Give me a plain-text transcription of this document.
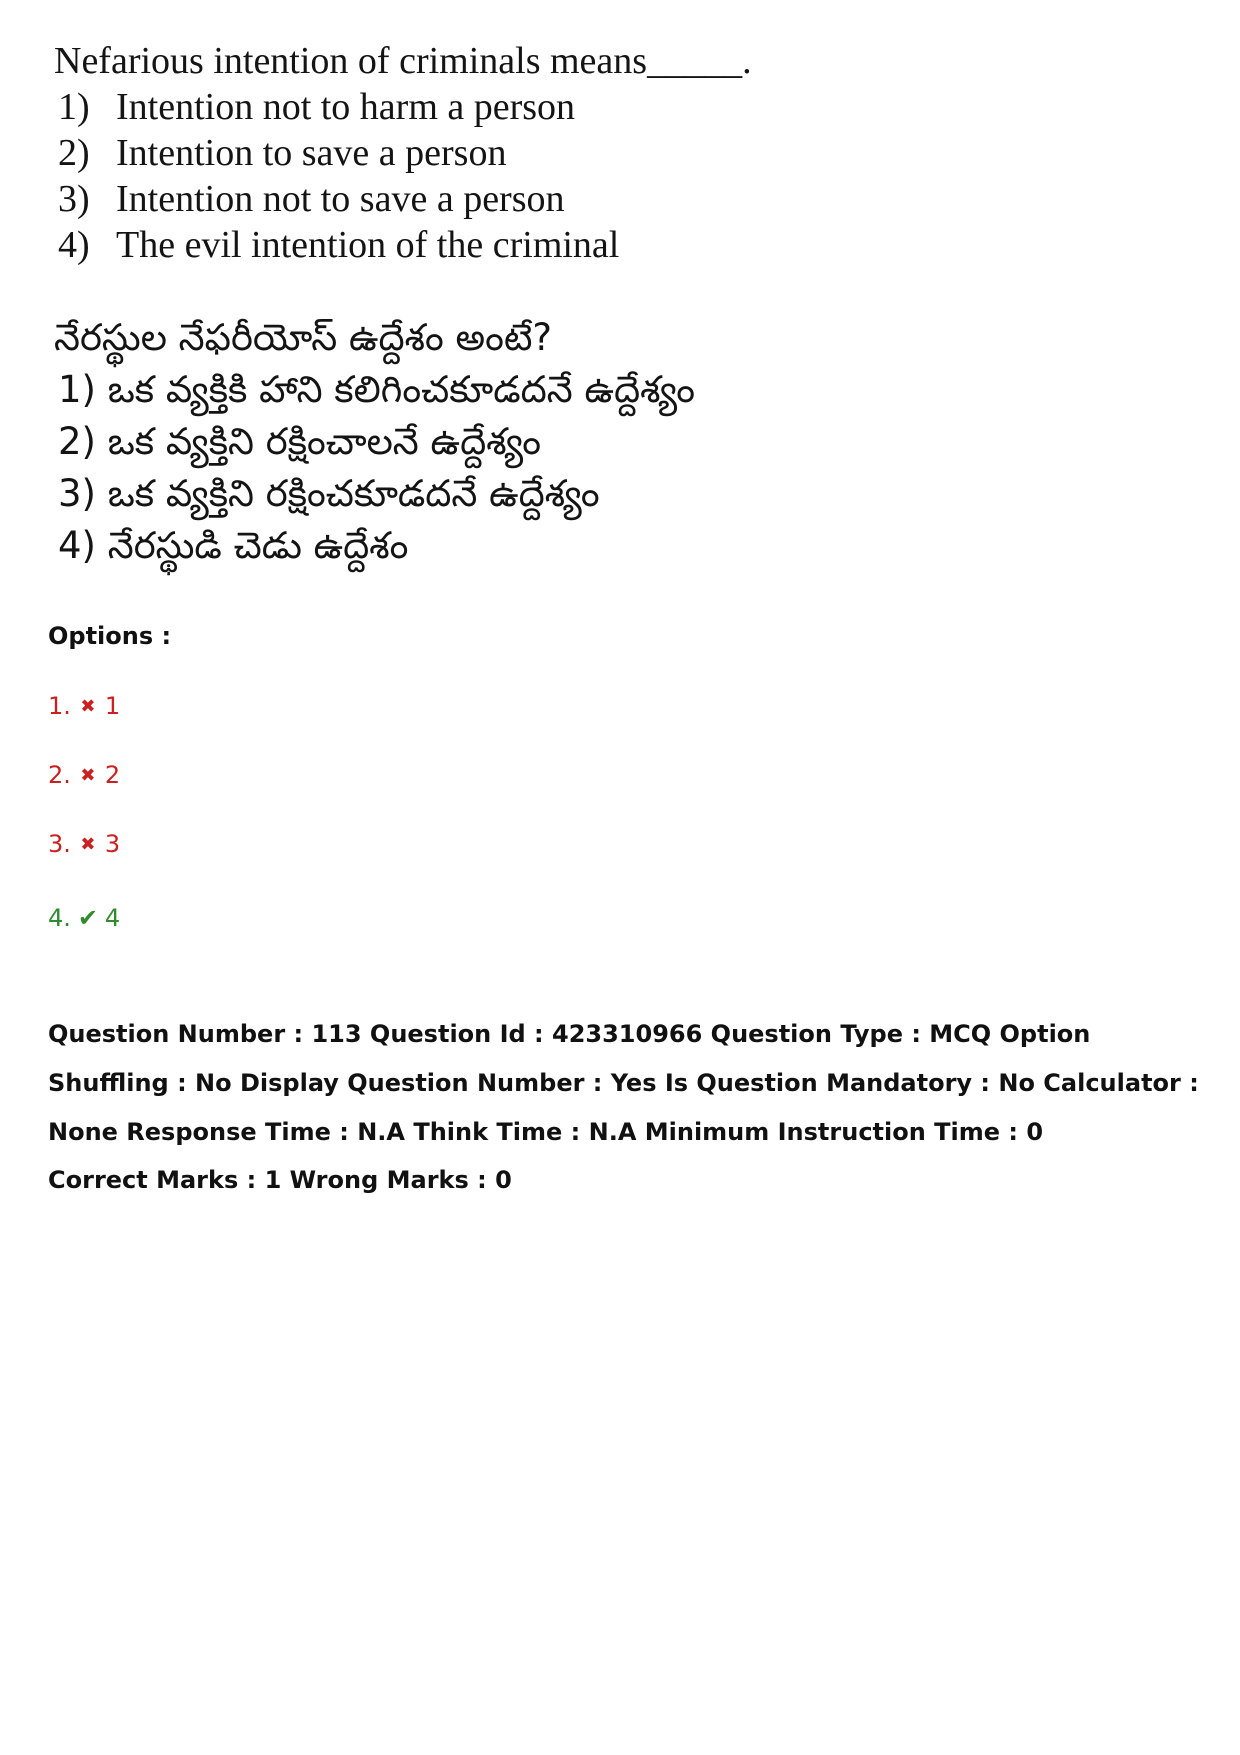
Nefarious intention of criminals means_____.
1) Intention not to harm a person
2) Intention to save a person
3) Intention not to save a person
4) The evil intention of the criminal
నేరస్థుల నేఫరీయోస్ ఉద్దేశం అంటే?
1) ఒక వ్యక్తికి హాని కలిగించకూడదనే ఉద్దేశ్యం
2) ఒక వ్యక్తిని రక్షించాలనే ఉద్దేశ్యం
3) ఒక వ్యక్తిని రక్షించకూడదనే ఉద్దేశ్యం
4) నేరస్థుడి చెడు ఉద్దేశం
Options :
1. ✖ 1
2. ✖ 2
3. ✖ 3
4. ✔ 4
Question Number : 113 Question Id : 423310966 Question Type : MCQ Option Shuffling : No Display Question Number : Yes Is Question Mandatory : No Calculator : None Response Time : N.A Think Time : N.A Minimum Instruction Time : 0
Correct Marks : 1 Wrong Marks : 0
